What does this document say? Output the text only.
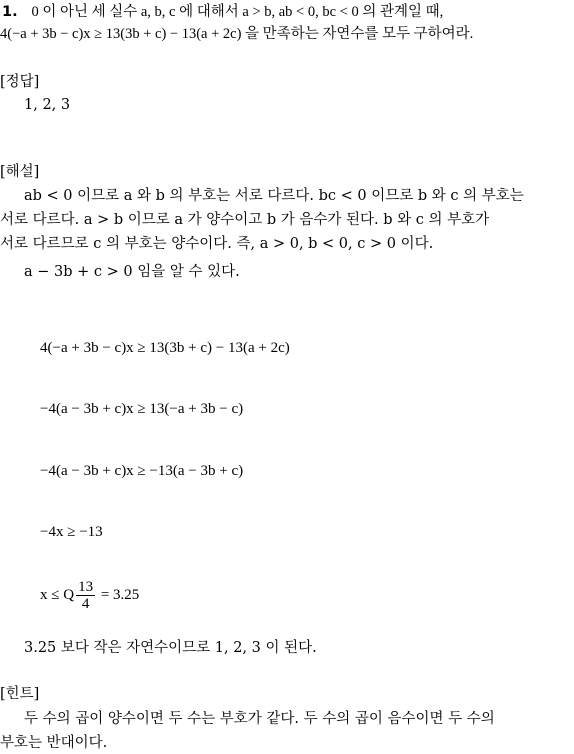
1. 0 이 아닌 세 실수 a, b, c 에 대해서 a > b, ab < 0, bc < 0 의 관계일 때,
4(−a + 3b − c)x ≥ 13(3b + c) − 13(a + 2c) 을 만족하는 자연수를 모두 구하여라.
[정답]
1, 2, 3
[해설]
ab < 0 이므로 a 와 b 의 부호는 서로 다르다. bc < 0 이므로 b 와 c 의 부호는
서로 다르다. a > b 이므로 a 가 양수이고 b 가 음수가 된다. b 와 c 의 부호가
서로 다르므로 c 의 부호는 양수이다. 즉, a > 0, b < 0, c > 0 이다.
a − 3b + c > 0 임을 알 수 있다.
4(−a + 3b − c)x ≥ 13(3b + c) − 13(a + 2c)
−4(a − 3b + c)x ≥ 13(−a + 3b − c)
−4(a − 3b + c)x ≥ −13(a − 3b + c)
−4x ≥ −13
x ≤ Q $\frac{13}{4} = 3.25$
3.25 보다 작은 자연수이므로 1, 2, 3 이 된다.
[힌트]
두 수의 곱이 양수이면 두 수는 부호가 같다. 두 수의 곱이 음수이면 두 수의
부호는 반대이다.
